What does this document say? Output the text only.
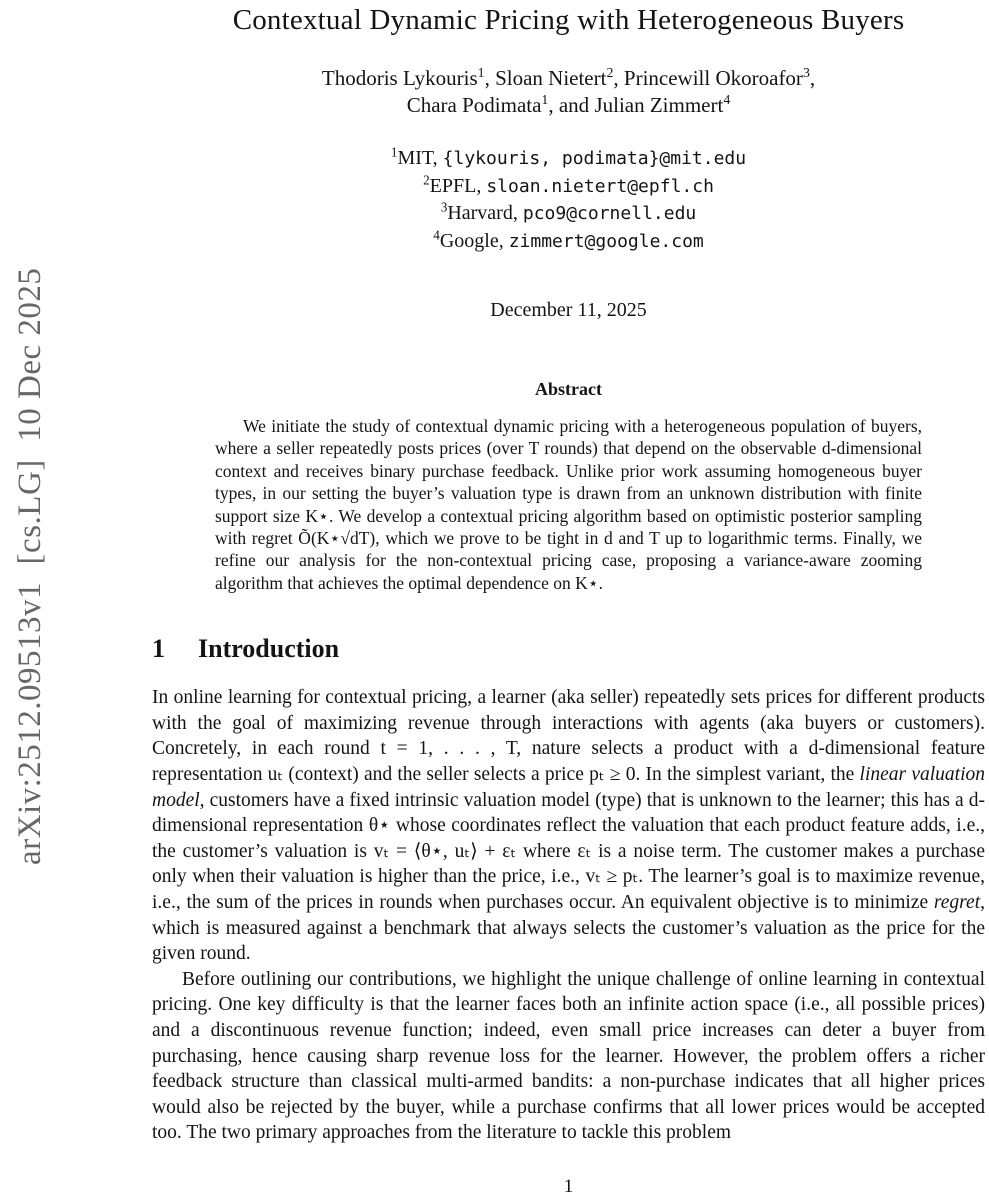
arXiv:2512.09513v1  [cs.LG]  10 Dec 2025
Contextual Dynamic Pricing with Heterogeneous Buyers
Thodoris Lykouris$^1$, Sloan Nietert$^2$, Princewill Okoroafor$^3$,
Chara Podimata$^1$, and Julian Zimmert$^4$
$^1$MIT, {lykouris, podimata}@mit.edu
$^2$EPFL, sloan.nietert@epfl.ch
$^3$Harvard, pco9@cornell.edu
$^4$Google, zimmert@google.com
December 11, 2025
Abstract

We initiate the study of contextual dynamic pricing with a heterogeneous population of buyers, where a seller repeatedly posts prices (over T rounds) that depend on the observable d-dimensional context and receives binary purchase feedback. Unlike prior work assuming homogeneous buyer types, in our setting the buyer’s valuation type is drawn from an unknown distribution with finite support size K⋆. We develop a contextual pricing algorithm based on optimistic posterior sampling with regret Õ(K⋆√dT), which we prove to be tight in d and T up to logarithmic terms. Finally, we refine our analysis for the non-contextual pricing case, proposing a variance-aware zooming algorithm that achieves the optimal dependence on K⋆.

1 Introduction

In online learning for contextual pricing, a learner (aka seller) repeatedly sets prices for different products with the goal of maximizing revenue through interactions with agents (aka buyers or customers). Concretely, in each round t = 1, . . . , T, nature selects a product with a d-dimensional feature representation uₜ (context) and the seller selects a price pₜ ≥ 0. In the simplest variant, the linear valuation model, customers have a fixed intrinsic valuation model (type) that is unknown to the learner; this has a d-dimensional representation θ⋆ whose coordinates reflect the valuation that each product feature adds, i.e., the customer’s valuation is vₜ = ⟨θ⋆, uₜ⟩ + εₜ where εₜ is a noise term. The customer makes a purchase only when their valuation is higher than the price, i.e., vₜ ≥ pₜ. The learner’s goal is to maximize revenue, i.e., the sum of the prices in rounds when purchases occur. An equivalent objective is to minimize regret, which is measured against a benchmark that always selects the customer’s valuation as the price for the given round.

Before outlining our contributions, we highlight the unique challenge of online learning in contextual pricing. One key difficulty is that the learner faces both an infinite action space (i.e., all possible prices) and a discontinuous revenue function; indeed, even small price increases can deter a buyer from purchasing, hence causing sharp revenue loss for the learner. However, the problem offers a richer feedback structure than classical multi-armed bandits: a non-purchase indicates that all higher prices would also be rejected by the buyer, while a purchase confirms that all lower prices would be accepted too. The two primary approaches from the literature to tackle this problem

1
